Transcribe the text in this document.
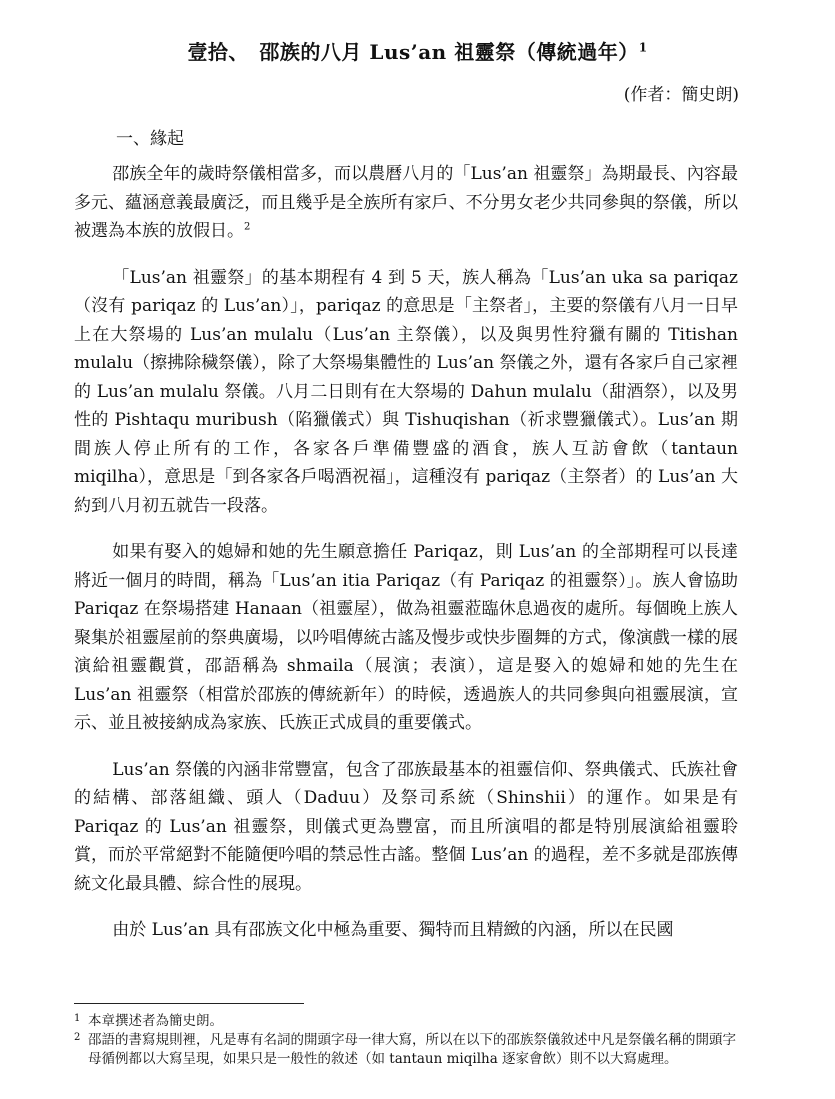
壹拾、　邵族的八月 Lus’an 祖靈祭（傳統過年）$^1$
(作者：簡史朗)
一、緣起

邵族全年的歲時祭儀相當多，而以農曆八月的「Lus’an 祖靈祭」為期最長、內容最多元、蘊涵意義最廣泛，而且幾乎是全族所有家戶、不分男女老少共同參與的祭儀，所以被選為本族的放假日。$^2$

「Lus’an 祖靈祭」的基本期程有 4 到 5 天，族人稱為「Lus’an uka sa pariqaz（沒有 pariqaz 的 Lus’an）」，pariqaz 的意思是「主祭者」，主要的祭儀有八月一日早上在大祭場的 Lus’an mulalu（Lus’an 主祭儀），以及與男性狩獵有關的 Titishan mulalu（擦拂除穢祭儀），除了大祭場集體性的 Lus’an 祭儀之外，還有各家戶自己家裡的 Lus’an mulalu 祭儀。八月二日則有在大祭場的 Dahun mulalu（甜酒祭），以及男性的 Pishtaqu muribush（陷獵儀式）與 Tishuqishan（祈求豐獵儀式）。Lus’an 期間族人停止所有的工作，各家各戶準備豐盛的酒食，族人互訪會飲（tantaun miqilha），意思是「到各家各戶喝酒祝福」，這種沒有 pariqaz（主祭者）的 Lus’an 大約到八月初五就告一段落。

如果有娶入的媳婦和她的先生願意擔任 Pariqaz，則 Lus’an 的全部期程可以長達將近一個月的時間，稱為「Lus’an itia Pariqaz（有 Pariqaz 的祖靈祭）」。族人會協助 Pariqaz 在祭場搭建 Hanaan（祖靈屋），做為祖靈蒞臨休息過夜的處所。每個晚上族人聚集於祖靈屋前的祭典廣場，以吟唱傳統古謠及慢步或快步圈舞的方式，像演戲一樣的展演給祖靈觀賞，邵語稱為 shmaila（展演；表演），這是娶入的媳婦和她的先生在 Lus’an 祖靈祭（相當於邵族的傳統新年）的時候，透過族人的共同參與向祖靈展演，宣示、並且被接納成為家族、氏族正式成員的重要儀式。

Lus’an 祭儀的內涵非常豐富，包含了邵族最基本的祖靈信仰、祭典儀式、氏族社會的結構、部落組織、頭人（Daduu）及祭司系統（Shinshii）的運作。如果是有 Pariqaz 的 Lus’an 祖靈祭，則儀式更為豐富，而且所演唱的都是特別展演給祖靈聆賞，而於平常絕對不能隨便吟唱的禁忌性古謠。整個 Lus’an 的過程，差不多就是邵族傳統文化最具體、綜合性的展現。

由於 Lus’an 具有邵族文化中極為重要、獨特而且精緻的內涵，所以在民國

1 本章撰述者為簡史朗。
2 邵語的書寫規則裡，凡是專有名詞的開頭字母一律大寫，所以在以下的邵族祭儀敘述中凡是祭儀名稱的開頭字母循例都以大寫呈現，如果只是一般性的敘述（如 tantaun miqilha 逐家會飲）則不以大寫處理。
